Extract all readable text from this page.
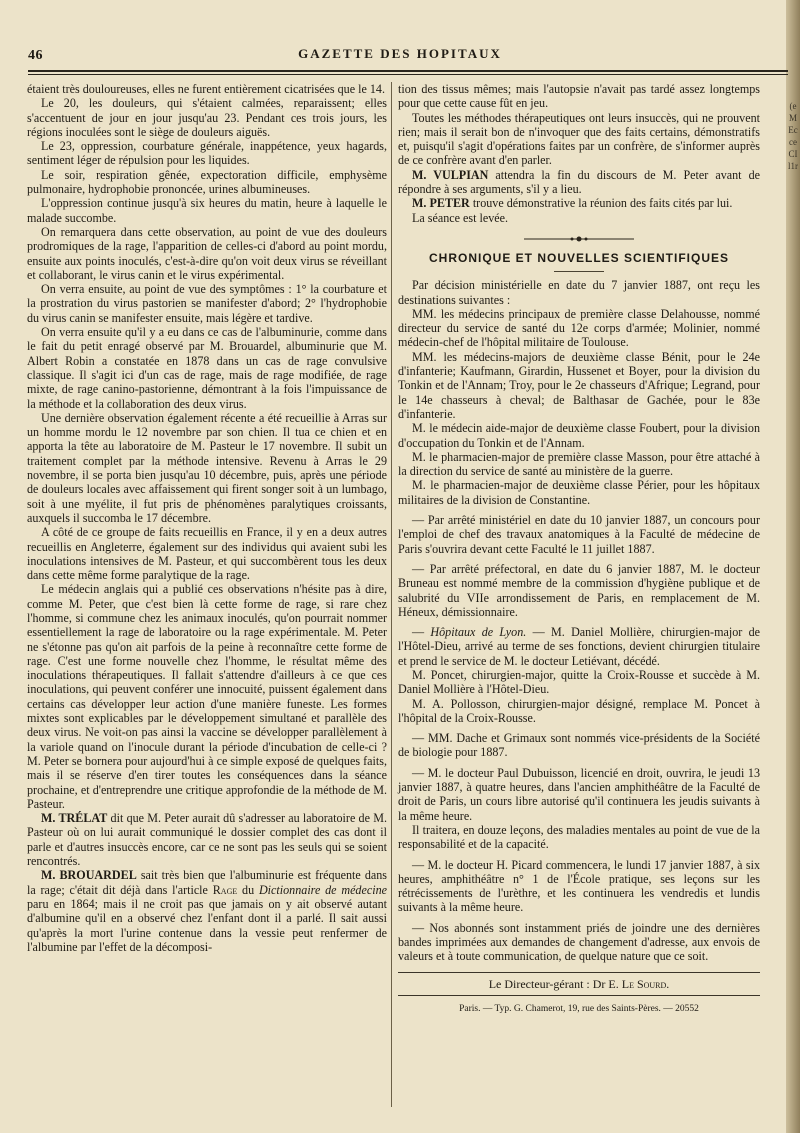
(eMEcceCIl1r
46	GAZETTE DES HOPITAUX

étaient très douloureuses, elles ne furent entièrement cicatrisées que le 14.

Le 20, les douleurs, qui s'étaient calmées, reparaissent; elles s'accentuent de jour en jour jusqu'au 23. Pendant ces trois jours, les régions inoculées sont le siège de douleurs aiguës.

Le 23, oppression, courbature générale, inappétence, yeux hagards, sentiment léger de répulsion pour les liquides.

Le soir, respiration gênée, expectoration difficile, emphysème pulmonaire, hydrophobie prononcée, urines albumineuses.

L'oppression continue jusqu'à six heures du matin, heure à laquelle le malade succombe.

On remarquera dans cette observation, au point de vue des douleurs prodromiques de la rage, l'apparition de celles-ci d'abord au point mordu, ensuite aux points inoculés, c'est-à-dire qu'on voit deux virus se réveillant et collaborant, le virus canin et le virus expérimental.

On verra ensuite, au point de vue des symptômes : 1° la courbature et la prostration du virus pastorien se manifester d'abord; 2° l'hydrophobie du virus canin se manifester ensuite, mais légère et tardive.

On verra ensuite qu'il y a eu dans ce cas de l'albuminurie, comme dans le fait du petit enragé observé par M. Brouardel, albuminurie que M. Albert Robin a constatée en 1878 dans un cas de rage convulsive classique. Il s'agit ici d'un cas de rage, mais de rage modifiée, de rage mixte, de rage canino-pastorienne, démontrant à la fois l'impuissance de la méthode et la collaboration des deux virus.

Une dernière observation également récente a été recueillie à Arras sur un homme mordu le 12 novembre par son chien. Il tua ce chien et en apporta la tête au laboratoire de M. Pasteur le 17 novembre. Il subit un traitement complet par la méthode intensive. Revenu à Arras le 29 novembre, il se porta bien jusqu'au 10 décembre, puis, après une période de douleurs locales avec affaissement qui firent songer soit à un lumbago, soit à une myélite, il fut pris de phénomènes paralytiques croissants, auxquels il succomba le 17 décembre.

A côté de ce groupe de faits recueillis en France, il y en a deux autres recueillis en Angleterre, également sur des individus qui avaient subi les inoculations intensives de M. Pasteur, et qui succombèrent tous les deux dans cette même forme paralytique de la rage.

Le médecin anglais qui a publié ces observations n'hésite pas à dire, comme M. Peter, que c'est bien là cette forme de rage, si rare chez l'homme, si commune chez les animaux inoculés, qu'on pourrait nommer essentiellement la rage de laboratoire ou la rage expérimentale. M. Peter ne s'étonne pas qu'on ait parfois de la peine à reconnaître cette forme de rage. C'est une forme nouvelle chez l'homme, le résultat même des inoculations thérapeutiques. Il fallait s'attendre d'ailleurs à ce que ces inoculations, qui peuvent conférer une innocuité, puissent également dans certains cas développer leur action d'une manière funeste. Les formes mixtes sont explicables par le développement simultané et parallèle des deux virus. Ne voit-on pas ainsi la vaccine se développer parallèlement à la variole quand on l'inocule durant la période d'incubation de celle-ci ? M. Peter se bornera pour aujourd'hui à ce simple exposé de quelques faits, mais il se réserve d'en tirer toutes les conséquences dans la séance prochaine, et d'entreprendre une critique approfondie de la méthode de M. Pasteur.

M. TRÉLAT dit que M. Peter aurait dû s'adresser au laboratoire de M. Pasteur où on lui aurait communiqué le dossier complet des cas dont il parle et d'autres insuccès encore, car ce ne sont pas les seuls qui se soient rencontrés.

M. BROUARDEL sait très bien que l'albuminurie est fréquente dans la rage; c'était dit déjà dans l'article Rage du Dictionnaire de médecine paru en 1864; mais il ne croit pas que jamais on y ait observé autant d'albumine qu'il en a observé chez l'enfant dont il a parlé. Il sait aussi qu'après la mort l'urine contenue dans la vessie peut renfermer de l'albumine par l'effet de la décomposi-

tion des tissus mêmes; mais l'autopsie n'avait pas tardé assez longtemps pour que cette cause fût en jeu.

Toutes les méthodes thérapeutiques ont leurs insuccès, qui ne prouvent rien; mais il serait bon de n'invoquer que des faits certains, démonstratifs et, puisqu'il s'agit d'opérations faites par un confrère, de s'informer auprès de ce confrère avant d'en parler.

M. VULPIAN attendra la fin du discours de M. Peter avant de répondre à ses arguments, s'il y a lieu.

M. PETER trouve démonstrative la réunion des faits cités par lui.

La séance est levée.

CHRONIQUE ET NOUVELLES SCIENTIFIQUES

Par décision ministérielle en date du 7 janvier 1887, ont reçu les destinations suivantes :

MM. les médecins principaux de première classe Delahousse, nommé directeur du service de santé du 12e corps d'armée; Molinier, nommé médecin-chef de l'hôpital militaire de Toulouse.

MM. les médecins-majors de deuxième classe Bénit, pour le 24e d'infanterie; Kaufmann, Girardin, Hussenet et Boyer, pour la division du Tonkin et de l'Annam; Troy, pour le 2e chasseurs d'Afrique; Legrand, pour le 14e chasseurs à cheval; de Balthasar de Gachée, pour le 83e d'infanterie.

M. le médecin aide-major de deuxième classe Foubert, pour la division d'occupation du Tonkin et de l'Annam.

M. le pharmacien-major de première classe Masson, pour être attaché à la direction du service de santé au ministère de la guerre.

M. le pharmacien-major de deuxième classe Périer, pour les hôpitaux militaires de la division de Constantine.

— Par arrêté ministériel en date du 10 janvier 1887, un concours pour l'emploi de chef des travaux anatomiques à la Faculté de médecine de Paris s'ouvrira devant cette Faculté le 11 juillet 1887.

— Par arrêté préfectoral, en date du 6 janvier 1887, M. le docteur Bruneau est nommé membre de la commission d'hygiène publique et de salubrité du VIIe arrondissement de Paris, en remplacement de M. Héneux, démissionnaire.

— Hôpitaux de Lyon. — M. Daniel Mollière, chirurgien-major de l'Hôtel-Dieu, arrivé au terme de ses fonctions, devient chirurgien titulaire et prend le service de M. le docteur Letiévant, décédé.

M. Poncet, chirurgien-major, quitte la Croix-Rousse et succède à M. Daniel Mollière à l'Hôtel-Dieu.

M. A. Pollosson, chirurgien-major désigné, remplace M. Poncet à l'hôpital de la Croix-Rousse.

— MM. Dache et Grimaux sont nommés vice-présidents de la Société de biologie pour 1887.

— M. le docteur Paul Dubuisson, licencié en droit, ouvrira, le jeudi 13 janvier 1887, à quatre heures, dans l'ancien amphithéâtre de la Faculté de droit de Paris, un cours libre autorisé qu'il continuera les jeudis suivants à la même heure.

Il traitera, en douze leçons, des maladies mentales au point de vue de la responsabilité et de la capacité.

— M. le docteur H. Picard commencera, le lundi 17 janvier 1887, à six heures, amphithéâtre n° 1 de l'École pratique, ses leçons sur les rétrécissements de l'urèthre, et les continuera les vendredis et lundis suivants à la même heure.

— Nos abonnés sont instamment priés de joindre une des dernières bandes imprimées aux demandes de changement d'adresse, aux envois de valeurs et à toute communication, de quelque nature que ce soit.

Le Directeur-gérant : Dr E. Le Sourd.
Paris. — Typ. G. Chamerot, 19, rue des Saints-Pères. — 20552
